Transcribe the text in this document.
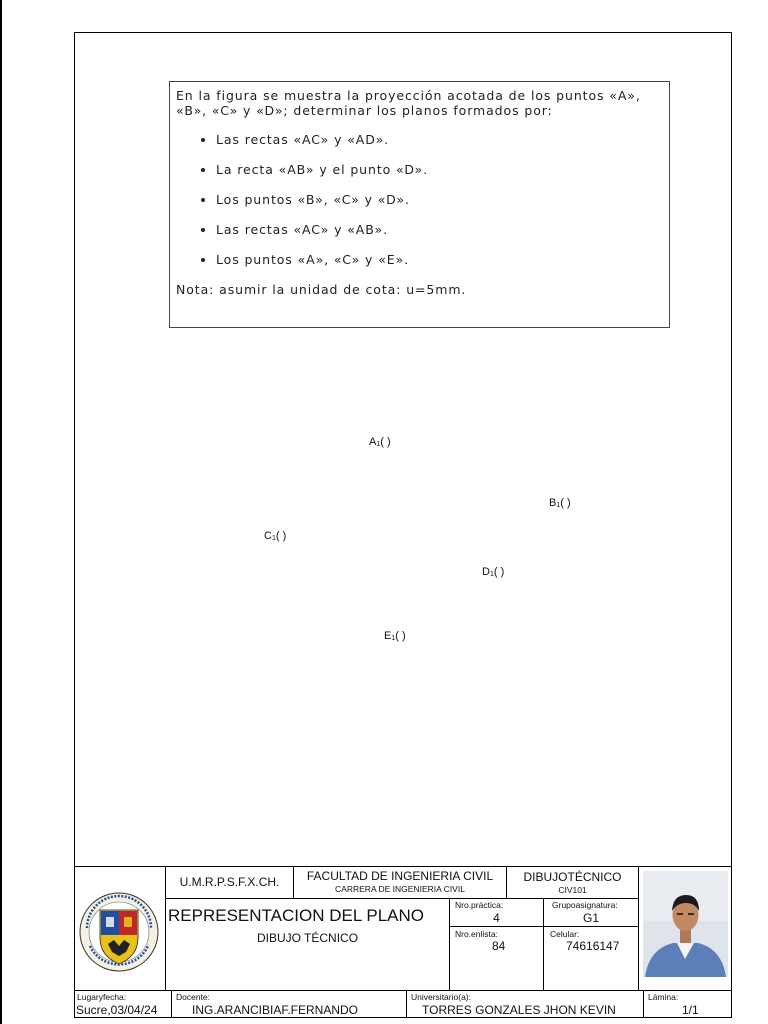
En la figura se muestra la proyección acotada de los puntos «A», «B», «C» y «D»; determinar los planos formados por:
• Las rectas «AC» y «AD».
• La recta «AB» y el punto «D».
• Los puntos «B», «C» y «D».
• Las rectas «AC» y «AB».
• Los puntos «A», «C» y «E».
Nota: asumir la unidad de cota: u=5mm.
A1( )
B1( )
C1( )
D1( )
E1( )
U.M.R.P.S.F.X.CH.	FACULTAD DE INGENIERIA CIVIL
CARRERA DE INGENIERIA CIVIL
DIBUJOTÉCNICO
CIV101
REPRESENTACION DEL PLANO
DIBUJO TÉCNICO
Nro.práctica:
4
Grupoasignatura:
G1
Nro.enlista:
84
Celular:
74616147
Lugaryfecha:
Sucre,03/04/24
Docente:
ING.ARANCIBIAF.FERNANDO
Universitario(a):
TORRES GONZALES JHON KEVIN
Lámina:
1/1
